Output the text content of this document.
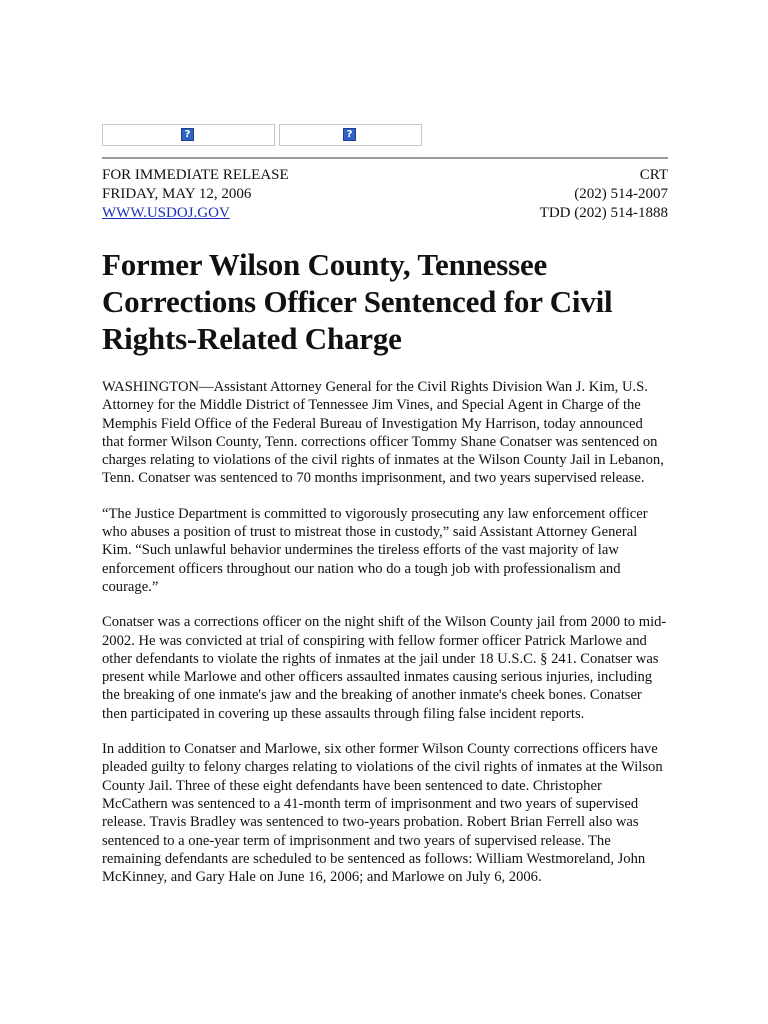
?	?
FOR IMMEDIATE RELEASE	CRT
FRIDAY, MAY 12, 2006	(202) 514-2007
WWW.USDOJ.GOV	TDD (202) 514-1888
Former Wilson County, Tennessee Corrections Officer Sentenced for Civil Rights-Related Charge

WASHINGTON—Assistant Attorney General for the Civil Rights Division Wan J. Kim, U.S. Attorney for the Middle District of Tennessee Jim Vines, and Special Agent in Charge of the Memphis Field Office of the Federal Bureau of Investigation My Harrison, today announced that former Wilson County, Tenn. corrections officer Tommy Shane Conatser was sentenced on charges relating to violations of the civil rights of inmates at the Wilson County Jail in Lebanon, Tenn. Conatser was sentenced to 70 months imprisonment, and two years supervised release.

“The Justice Department is committed to vigorously prosecuting any law enforcement officer who abuses a position of trust to mistreat those in custody,” said Assistant Attorney General Kim. “Such unlawful behavior undermines the tireless efforts of the vast majority of law enforcement officers throughout our nation who do a tough job with professionalism and courage.”

Conatser was a corrections officer on the night shift of the Wilson County jail from 2000 to mid-2002. He was convicted at trial of conspiring with fellow former officer Patrick Marlowe and other defendants to violate the rights of inmates at the jail under 18 U.S.C. § 241. Conatser was present while Marlowe and other officers assaulted inmates causing serious injuries, including the breaking of one inmate's jaw and the breaking of another inmate's cheek bones. Conatser then participated in covering up these assaults through filing false incident reports.

In addition to Conatser and Marlowe, six other former Wilson County corrections officers have pleaded guilty to felony charges relating to violations of the civil rights of inmates at the Wilson County Jail. Three of these eight defendants have been sentenced to date. Christopher McCathern was sentenced to a 41-month term of imprisonment and two years of supervised release. Travis Bradley was sentenced to two-years probation. Robert Brian Ferrell also was sentenced to a one-year term of imprisonment and two years of supervised release. The remaining defendants are scheduled to be sentenced as follows: William Westmoreland, John McKinney, and Gary Hale on June 16, 2006; and Marlowe on July 6, 2006.
